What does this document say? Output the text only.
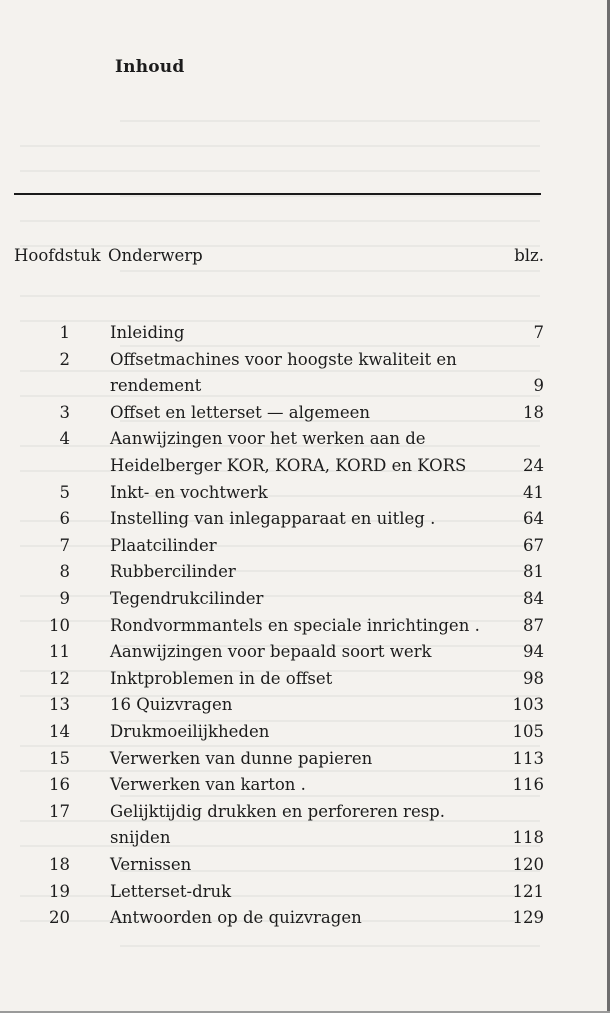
Inhoud
Hoofdstuk Onderwerp	blz.
1 Inleiding	7
2 Offsetmachines voor hoogste kwaliteit en
rendement	9
3 Offset en letterset — algemeen	18
4 Aanwijzingen voor het werken aan de
Heidelberger KOR, KORA, KORD en KORS	24
5 Inkt- en vochtwerk	41
6 Instelling van inlegapparaat en uitleg .	64
7 Plaatcilinder	67
8 Rubbercilinder	81
9 Tegendrukcilinder	84
10 Rondvormmantels en speciale inrichtingen .	87
11 Aanwijzingen voor bepaald soort werk	94
12 Inktproblemen in de offset	98
13 16 Quizvragen	103
14 Drukmoeilijkheden	105
15 Verwerken van dunne papieren	113
16 Verwerken van karton .	116
17 Gelijktijdig drukken en perforeren resp.
snijden	118
18 Vernissen	120
19 Letterset-druk	121
20 Antwoorden op de quizvragen	129
